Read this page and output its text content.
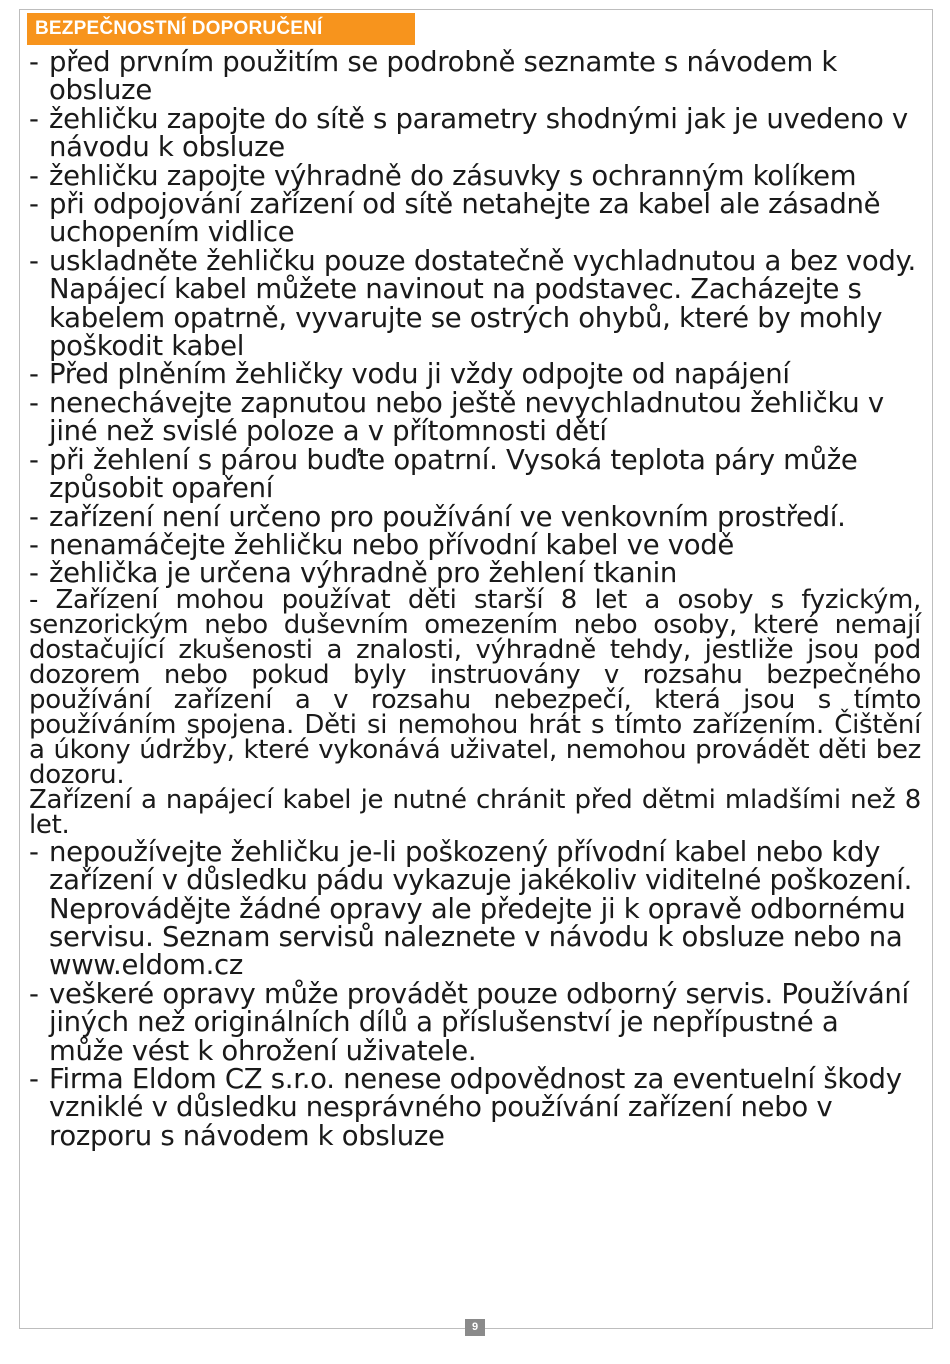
BEZPEČNOSTNÍ DOPORUČENÍ

- před prvním použitím se podrobně seznamte s návodem k obsluze

- žehličku zapojte do sítě s parametry shodnými jak je uvedeno v návodu k obsluze

- žehličku zapojte výhradně do zásuvky s ochranným kolíkem

- při odpojování zařízení od sítě netahejte za kabel ale zásadně uchopením vidlice

- uskladněte žehličku pouze dostatečně vychladnutou a bez vody. Napájecí kabel můžete navinout na podstavec. Zacházejte s kabelem opatrně, vyvarujte se ostrých ohybů, které by mohly poškodit kabel

- Před plněním žehličky vodu ji vždy odpojte od napájení

- nenechávejte zapnutou nebo ještě nevychladnutou žehličku v jiné než svislé poloze a v přítomnosti dětí

- při žehlení s párou buďte opatrní. Vysoká teplota páry může způsobit opaření

- zařízení není určeno pro používání ve venkovním prostředí.

- nenamáčejte žehličku nebo přívodní kabel ve vodě

- žehlička je určena výhradně pro žehlení tkanin

- Zařízení mohou používat děti starší 8 let a osoby s fyzickým, senzorickým nebo duševním omezením nebo osoby, které nemají dostačující zkušenosti a znalosti, výhradně tehdy, jestliže jsou pod dozorem nebo pokud byly instruovány v rozsahu bezpečného používání zařízení a v rozsahu nebezpečí, která jsou s tímto používáním spojena. Děti si nemohou hrát s tímto zařízením. Čištění a úkony údržby, které vykonává uživatel, nemohou provádět děti bez dozoru.

Zařízení a napájecí kabel je nutné chránit před dětmi mladšími než 8 let.

- nepoužívejte žehličku je-li poškozený přívodní kabel nebo kdy zařízení v důsledku pádu vykazuje jakékoliv viditelné poškození. Neprovádějte žádné opravy ale předejte ji k opravě odbornému servisu. Seznam servisů naleznete v návodu k obsluze nebo na www.eldom.cz

- veškeré opravy může provádět pouze odborný servis. Používání jiných než originálních dílů a příslušenství je nepřípustné a může vést k ohrožení uživatele.

- Firma Eldom CZ s.r.o. nenese odpovědnost za eventuelní škody vzniklé v důsledku nesprávného používání zařízení nebo v rozporu s návodem k obsluze

9
